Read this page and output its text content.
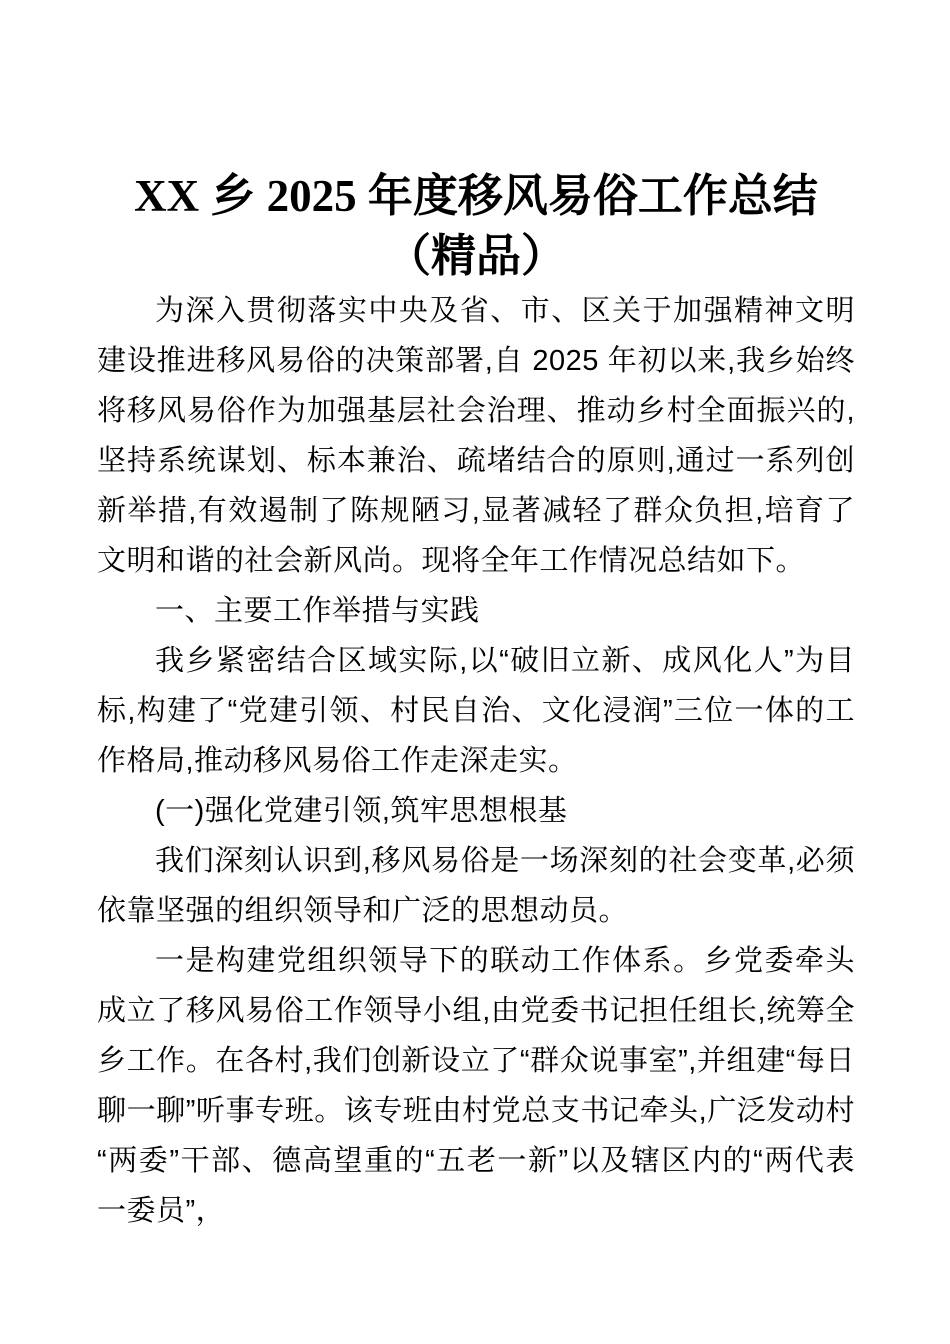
XX 乡 2025 年度移风易俗工作总结（精品）

为深入贯彻落实中央及省、市、区关于加强精神文明建设推进移风易俗的决策部署,自 2025 年初以来,我乡始终将移风易俗作为加强基层社会治理、推动乡村全面振兴的,坚持系统谋划、标本兼治、疏堵结合的原则,通过一系列创新举措,有效遏制了陈规陋习,显著减轻了群众负担,培育了文明和谐的社会新风尚。现将全年工作情况总结如下。

一、主要工作举措与实践

我乡紧密结合区域实际,以“破旧立新、成风化人”为目标,构建了“党建引领、村民自治、文化浸润”三位一体的工作格局,推动移风易俗工作走深走实。

(一)强化党建引领,筑牢思想根基

我们深刻认识到,移风易俗是一场深刻的社会变革,必须依靠坚强的组织领导和广泛的思想动员。

一是构建党组织领导下的联动工作体系。乡党委牵头成立了移风易俗工作领导小组,由党委书记担任组长,统筹全乡工作。在各村,我们创新设立了“群众说事室”,并组建“每日聊一聊”听事专班。该专班由村党总支书记牵头,广泛发动村“两委”干部、德高望重的“五老一新”以及辖区内的“两代表一委员”，
